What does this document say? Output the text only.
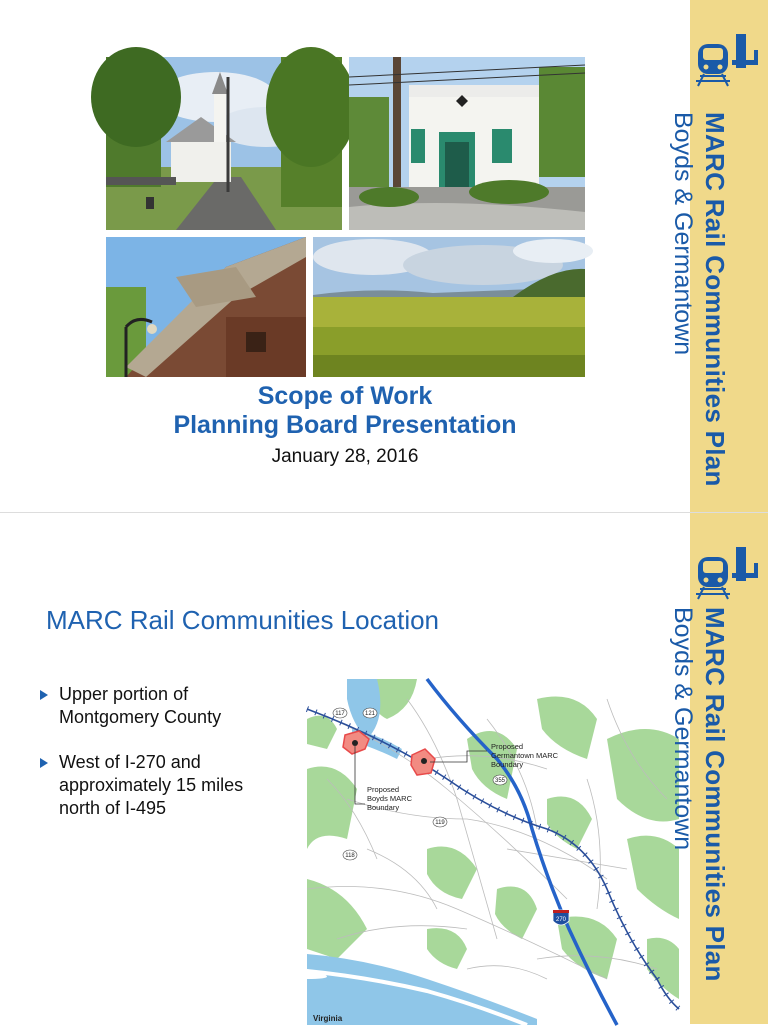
Scope of Work
Planning Board Presentation
January 28, 2016	MARC Rail Communities Plan
Boyds & Germantown
MARC Rail Communities Location
Upper portion of Montgomery County
West of I-270 and approximately 15 miles north of I-495
Proposed
Germantown MARC
Boundary
Proposed
Boyds MARC
Boundary
Virginia
117	121
355
119
118
270	MARC Rail Communities Plan
Boyds & Germantown
